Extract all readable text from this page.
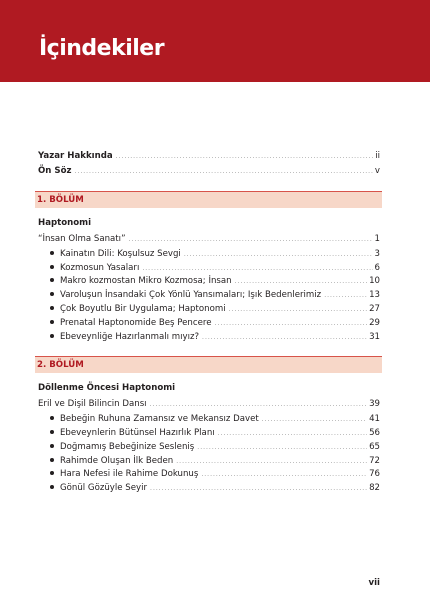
İçindekiler
Yazar Hakkında .....	ii
Ön Söz .....	v
1. BÖLÜM
Haptonomi
“İnsan Olma Sanatı” .....	1
Kainatın Dili: Koşulsuz Sevgi .....	3
Kozmosun Yasaları .....	6
Makro kozmostan Mikro Kozmosa; İnsan .....	10
Varoluşun İnsandaki Çok Yönlü Yansımaları; Işık Bedenlerimiz .....	13
Çok Boyutlu Bir Uygulama; Haptonomi .....	27
Prenatal Haptonomide Beş Pencere .....	29
Ebeveynliğe Hazırlanmalı mıyız? .....	31
2. BÖLÜM
Döllenme Öncesi Haptonomi
Eril ve Dişil Bilincin Dansı .....	39
Bebeğin Ruhuna Zamansız ve Mekansız Davet .....	41
Ebeveynlerin Bütünsel Hazırlık Planı .....	56
Doğmamış Bebeğinize Sesleniş .....	65
Rahimde Oluşan İlk Beden .....	72
Hara Nefesi ile Rahime Dokunuş .....	76
Gönül Gözüyle Seyir .....	82
vii
